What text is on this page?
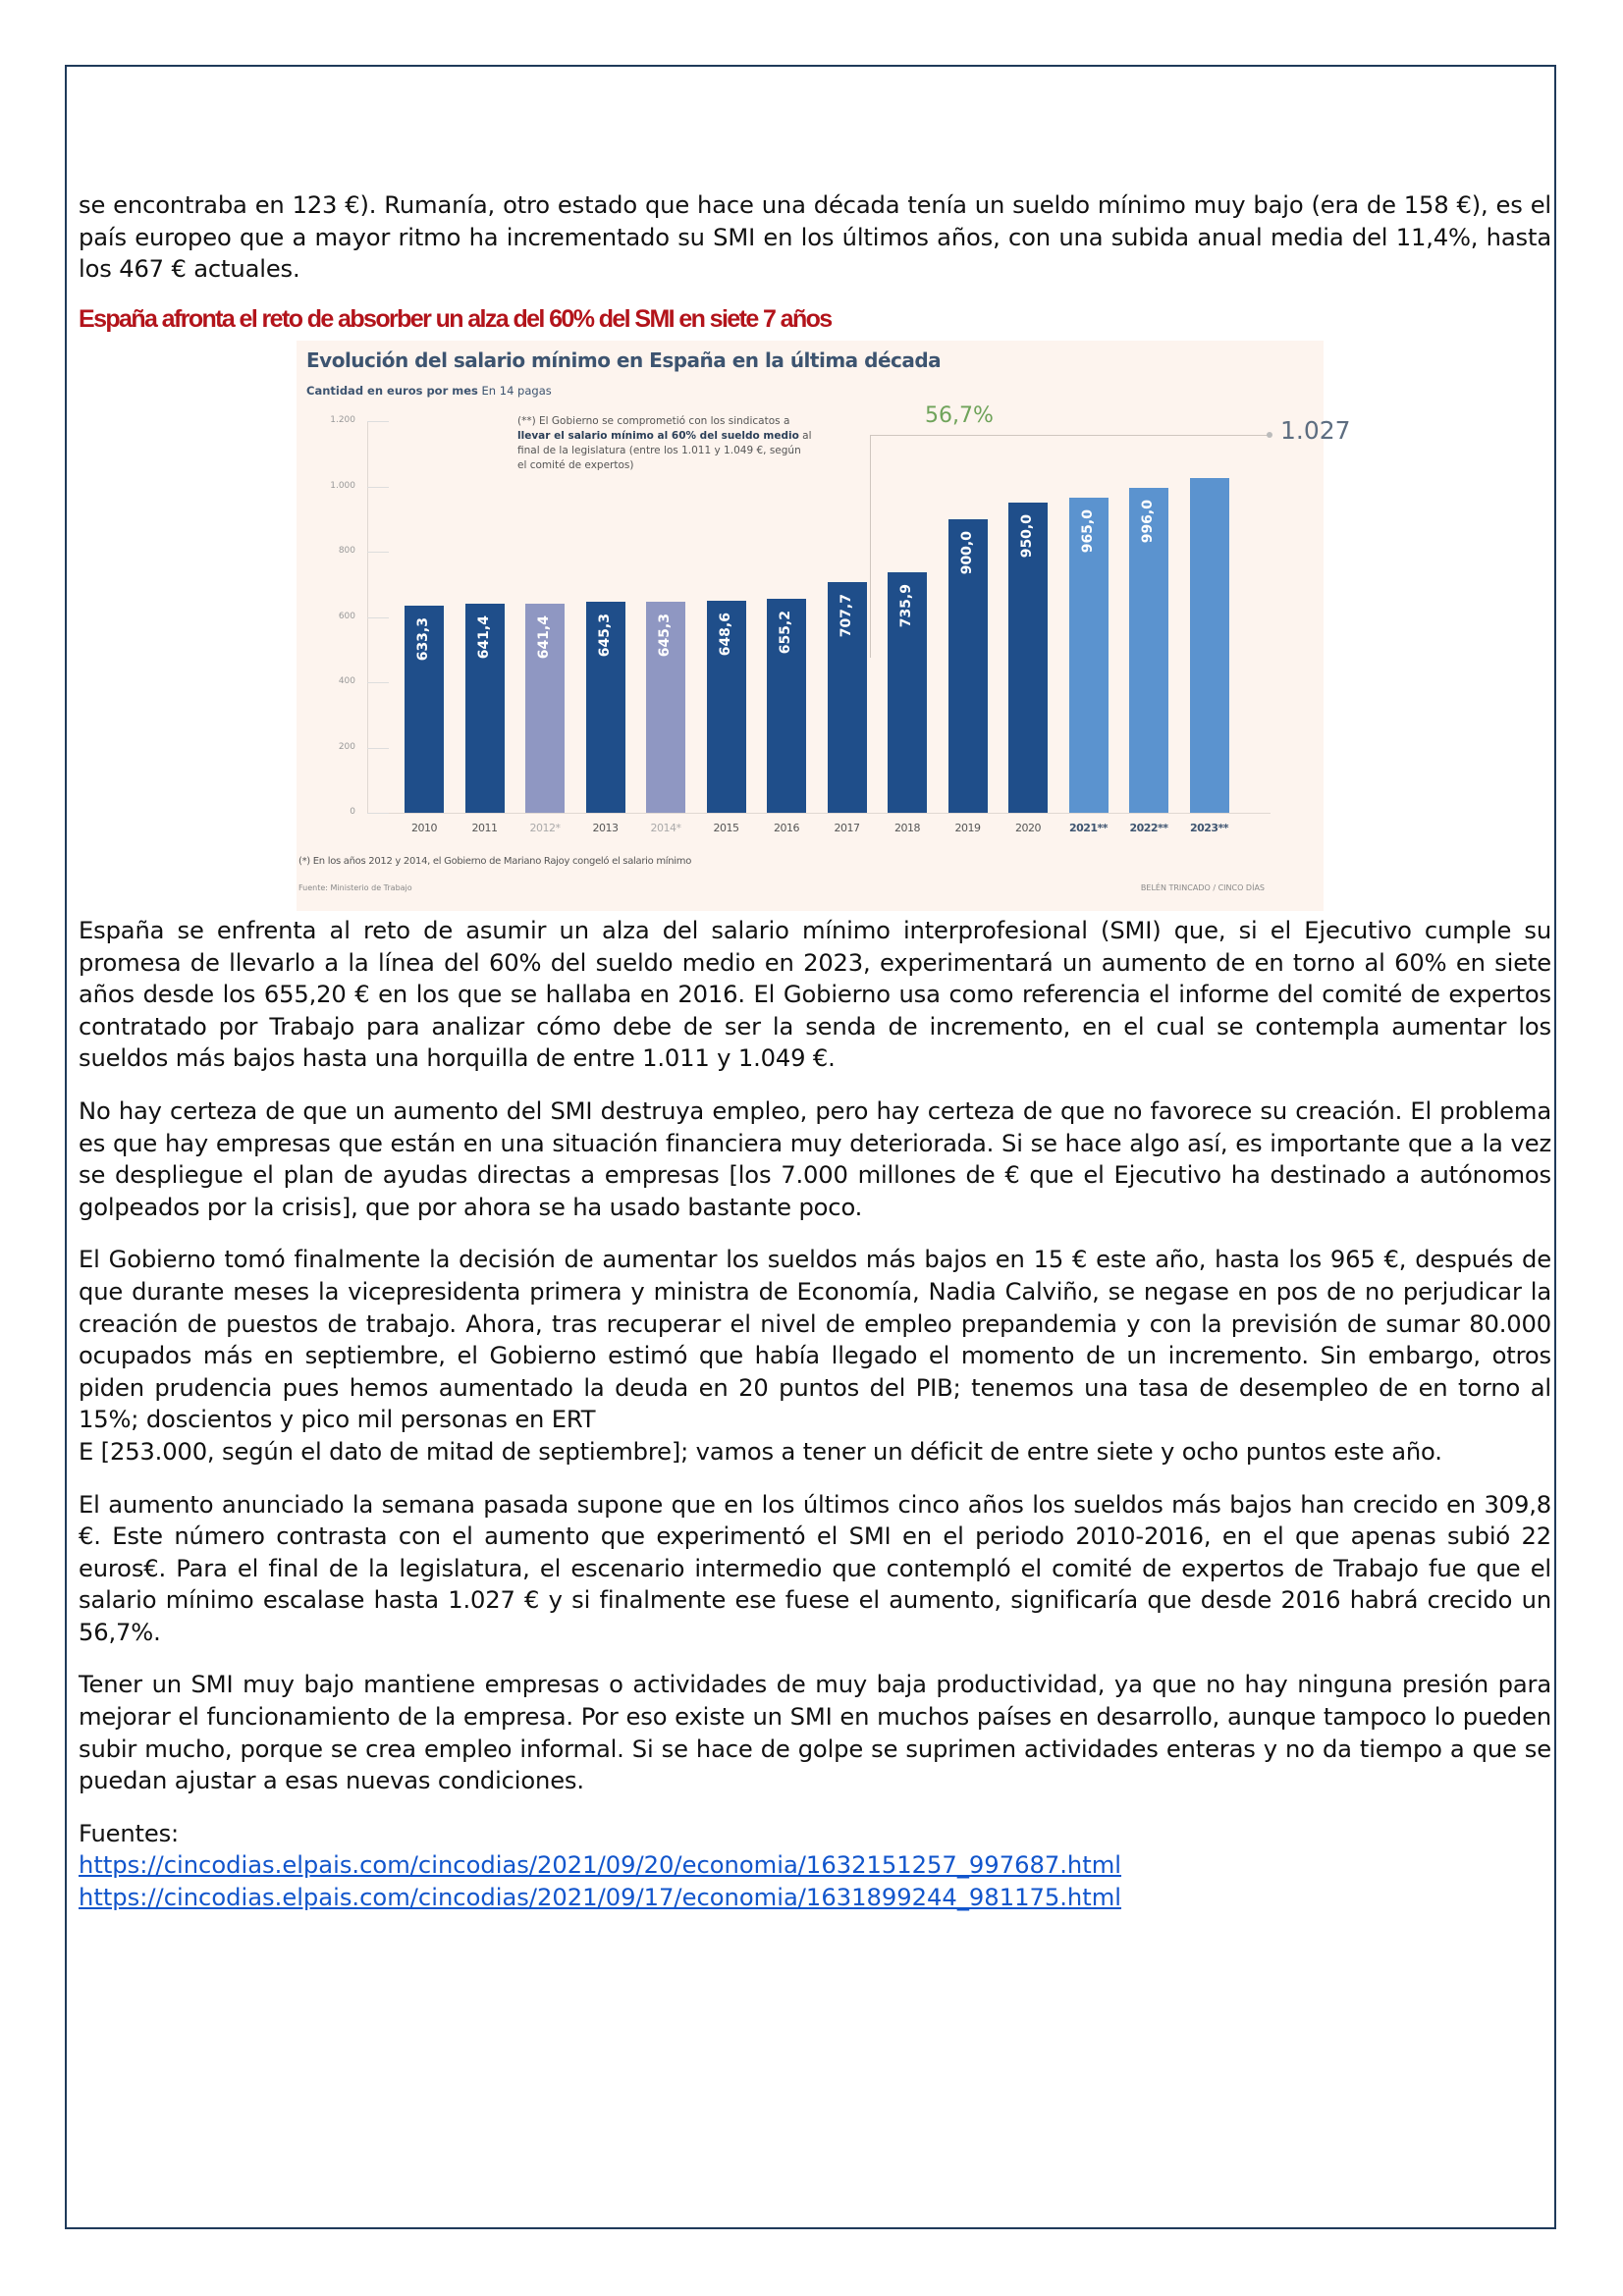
se encontraba en 123 €). Rumanía, otro estado que hace una década tenía un sueldo mínimo muy bajo (era de 158 €), es el país europeo que a mayor ritmo ha incrementado su SMI en los últimos años, con una subida anual media del 11,4%, hasta los 467 € actuales.

España afronta el reto de absorber un alza del 60% del SMI en siete 7 años
Evolución del salario mínimo en España en la última década
Cantidad en euros por mes En 14 pagas
(**) El Gobierno se comprometió con los sindicatos a llevar el salario mínimo al 60% del sueldo medio al final de la legislatura (entre los 1.011 y 1.049 €, según el comité de expertos)
0
200
400
600
800
1.000
1.200
633,3	641,4	641,4	645,3	645,3	648,6	655,2	707,7	735,9
900,0	950,0	965,0	996,0
2010	2011	2012*	2013	2014*	2015	2016	2017	2018	2019	2020	2021**	2022**	2023**
56,7%
1.027
(*) En los años 2012 y 2014, el Gobierno de Mariano Rajoy congeló el salario mínimo
Fuente: Ministerio de Trabajo	BELÉN TRINCADO / CINCO DÍAS

España se enfrenta al reto de asumir un alza del salario mínimo interprofesional (SMI) que, si el Ejecutivo cumple su promesa de llevarlo a la línea del 60% del sueldo medio en 2023, experimentará un aumento de en torno al 60% en siete años desde los 655,20 € en los que se hallaba en 2016. El Gobierno usa como referencia el informe del comité de expertos contratado por Trabajo para analizar cómo debe de ser la senda de incremento, en el cual se contempla aumentar los sueldos más bajos hasta una horquilla de entre 1.011 y 1.049 €.

No hay certeza de que un aumento del SMI destruya empleo, pero hay certeza de que no favorece su creación. El problema es que hay empresas que están en una situación financiera muy deteriorada. Si se hace algo así, es importante que a la vez se despliegue el plan de ayudas directas a empresas [los 7.000 millones de € que el Ejecutivo ha destinado a autónomos golpeados por la crisis], que por ahora se ha usado bastante poco.

El Gobierno tomó finalmente la decisión de aumentar los sueldos más bajos en 15 € este año, hasta los 965 €, después de que durante meses la vicepresidenta primera y ministra de Economía, Nadia Calviño, se negase en pos de no perjudicar la creación de puestos de trabajo. Ahora, tras recuperar el nivel de empleo prepandemia y con la previsión de sumar 80.000 ocupados más en septiembre, el Gobierno estimó que había llegado el momento de un incremento. Sin embargo, otros piden prudencia pues hemos aumentado la deuda en 20 puntos del PIB; tenemos una tasa de desempleo de en torno al 15%; doscientos y pico mil personas en ERT

E [253.000, según el dato de mitad de septiembre]; vamos a tener un déficit de entre siete y ocho puntos este año.

El aumento anunciado la semana pasada supone que en los últimos cinco años los sueldos más bajos han crecido en 309,8 €. Este número contrasta con el aumento que experimentó el SMI en el periodo 2010-2016, en el que apenas subió 22 euros€. Para el final de la legislatura, el escenario intermedio que contempló el comité de expertos de Trabajo fue que el salario mínimo escalase hasta 1.027 € y si finalmente ese fuese el aumento, significaría que desde 2016 habrá crecido un 56,7%.

Tener un SMI muy bajo mantiene empresas o actividades de muy baja productividad, ya que no hay ninguna presión para mejorar el funcionamiento de la empresa. Por eso existe un SMI en muchos países en desarrollo, aunque tampoco lo pueden subir mucho, porque se crea empleo informal. Si se hace de golpe se suprimen actividades enteras y no da tiempo a que se puedan ajustar a esas nuevas condiciones.

Fuentes:

https://cincodias.elpais.com/cincodias/2021/09/20/economia/1632151257_997687.html
https://cincodias.elpais.com/cincodias/2021/09/17/economia/1631899244_981175.html
